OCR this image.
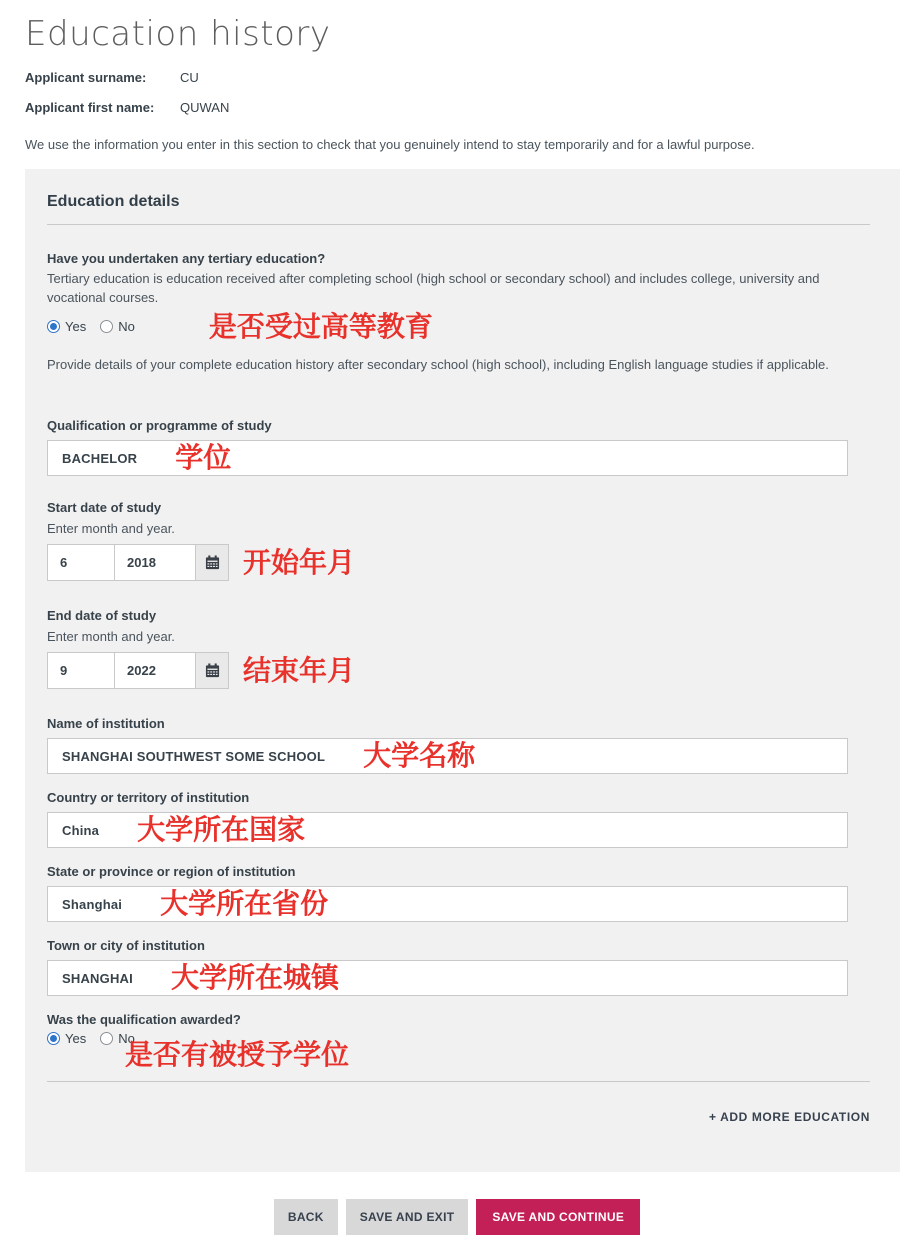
Education history
Applicant surname:	CU
Applicant first name:	QUWAN

We use the information you enter in this section to check that you genuinely intend to stay temporarily and for a lawful purpose.

Education details
Have you undertaken any tertiary education?
Tertiary education is education received after completing school (high school or secondary school) and includes college, university and vocational courses.
Yes No	是否受过高等教育

Provide details of your complete education history after secondary school (high school), including English language studies if applicable.

Qualification or programme of study
BACHELOR 学位
Start date of study
Enter month and year.
6	2018	开始年月
End date of study
Enter month and year.
9	2022	结束年月
Name of institution
SHANGHAI SOUTHWEST SOME SCHOOL 大学名称
Country or territory of institution
China 大学所在国家
State or province or region of institution
Shanghai 大学所在省份
Town or city of institution
SHANGHAI 大学所在城镇
Was the qualification awarded?
Yes No
是否有被授予学位
+ ADD MORE EDUCATION
BACK	SAVE AND EXIT	SAVE AND CONTINUE
